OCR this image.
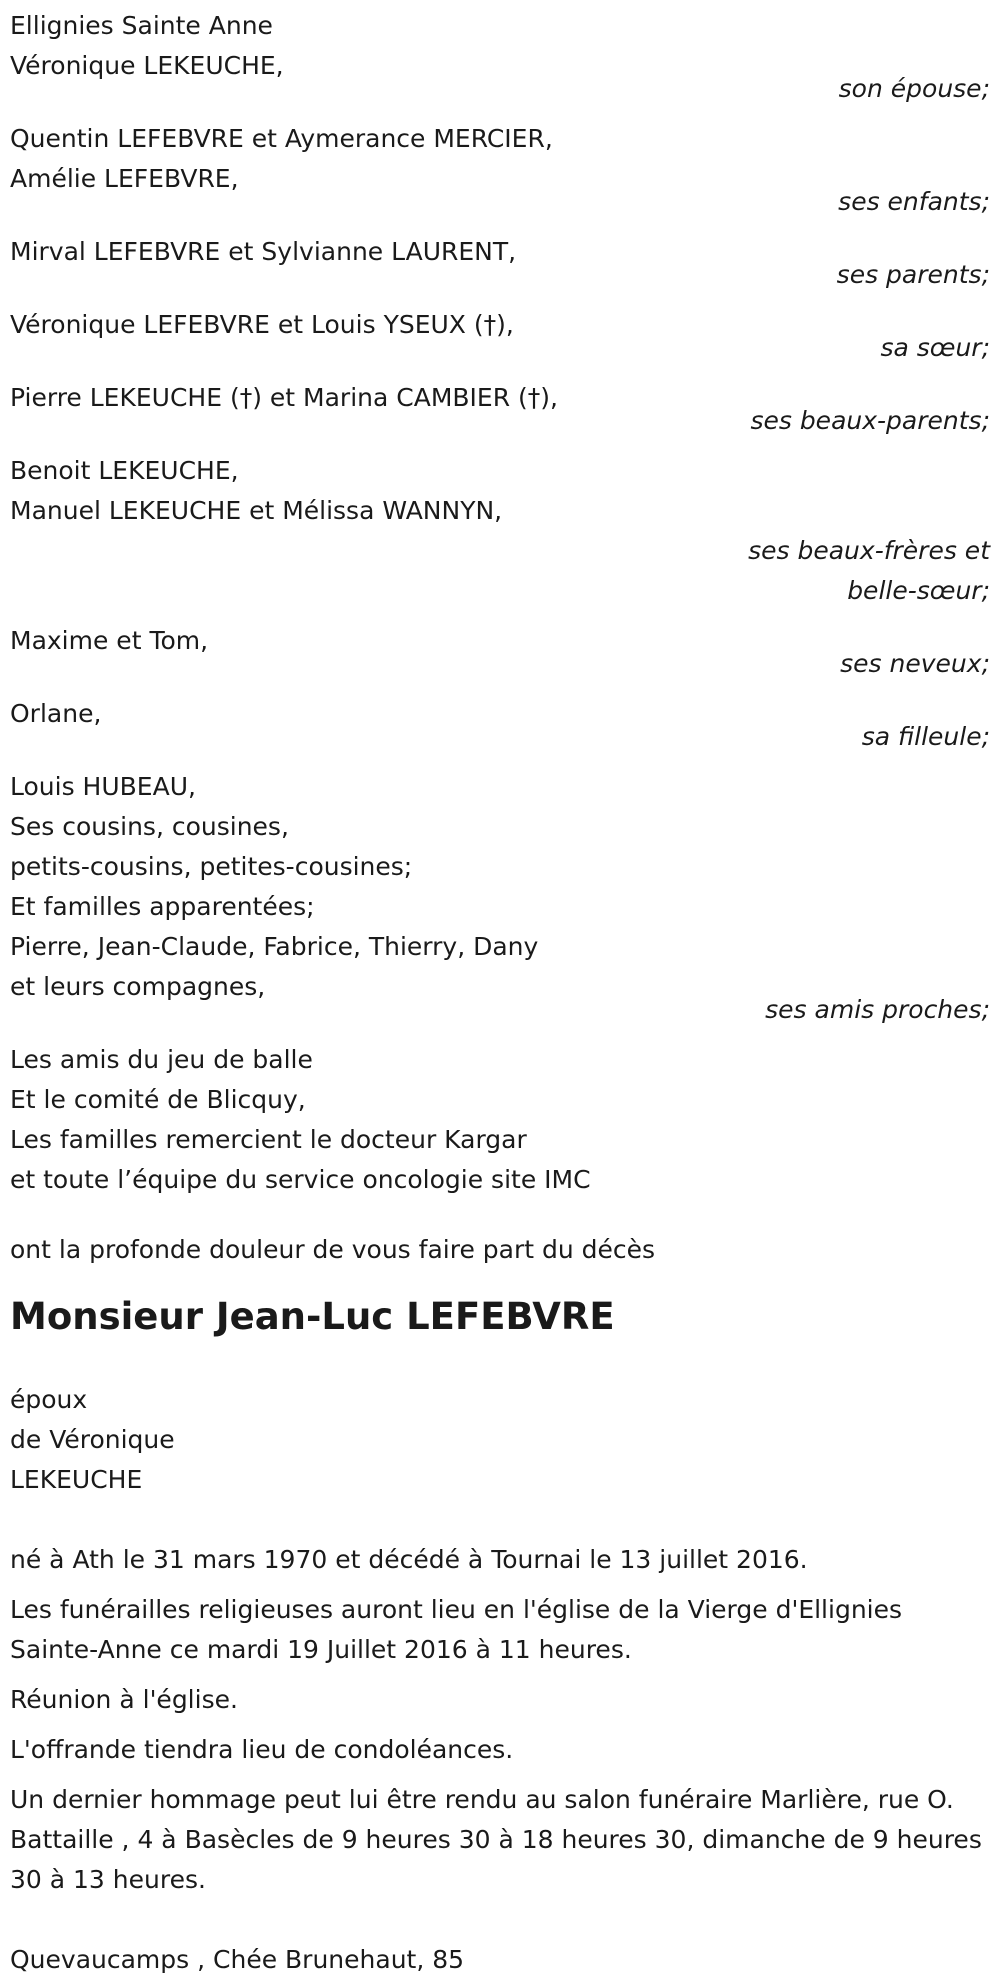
Ellignies Sainte Anne
Véronique LEKEUCHE,
son épouse;
Quentin LEFEBVRE et Aymerance MERCIER,
Amélie LEFEBVRE,
ses enfants;
Mirval LEFEBVRE et Sylvianne LAURENT,
ses parents;
Véronique LEFEBVRE et Louis YSEUX (†),
sa sœur;
Pierre LEKEUCHE (†) et Marina CAMBIER (†),
ses beaux-parents;
Benoit LEKEUCHE,
Manuel LEKEUCHE et Mélissa WANNYN,
ses beaux-frères et
belle-sœur;
Maxime et Tom,
ses neveux;
Orlane,
sa filleule;
Louis HUBEAU,
Ses cousins, cousines,
petits-cousins, petites-cousines;
Et familles apparentées;
Pierre, Jean-Claude, Fabrice, Thierry, Dany
et leurs compagnes,
ses amis proches;
Les amis du jeu de balle
Et le comité de Blicquy,
Les familles remercient le docteur Kargar
et toute l’équipe du service oncologie site IMC
ont la profonde douleur de vous faire part du décès
Monsieur Jean-Luc LEFEBVRE
époux
de Véronique
LEKEUCHE
né à Ath le 31 mars 1970 et décédé à Tournai le 13 juillet 2016.
Les funérailles religieuses auront lieu en l'église de la Vierge d'Ellignies Sainte-Anne ce mardi 19 Juillet 2016 à 11 heures.
Réunion à l'église.
L'offrande tiendra lieu de condoléances.
Un dernier hommage peut lui être rendu au salon funéraire Marlière, rue O. Battaille , 4 à Basècles de 9 heures 30 à 18 heures 30, dimanche de 9 heures 30 à 13 heures.
Quevaucamps , Chée Brunehaut, 85
